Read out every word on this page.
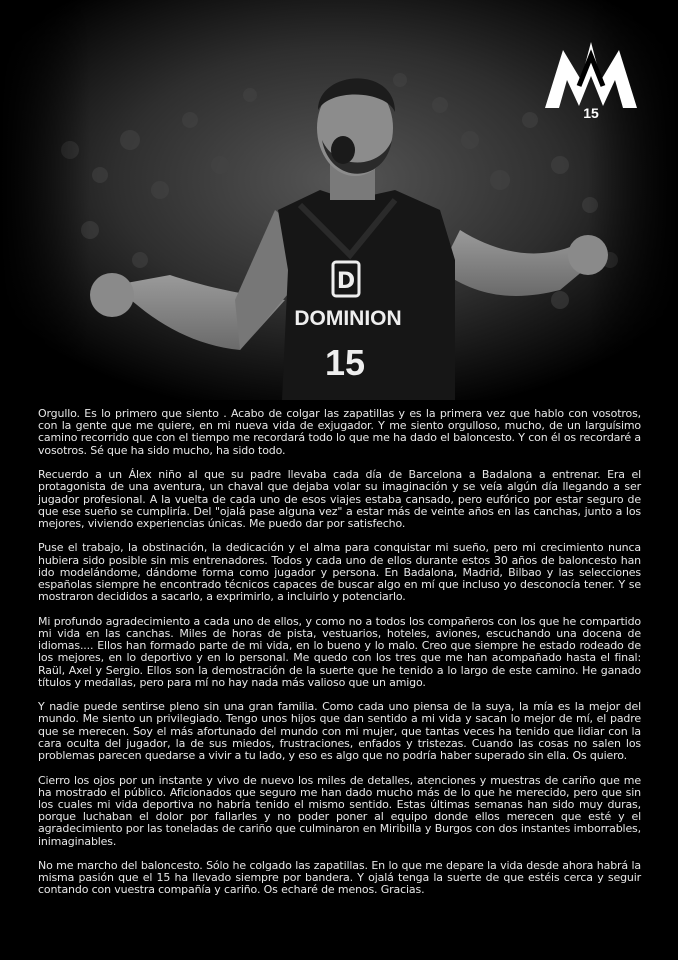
D
DOMINION
15
15

Orgullo. Es lo primero que siento . Acabo de colgar las zapatillas y es la primera vez que hablo con vosotros, con la gente que me quiere, en mi nueva vida de exjugador. Y me siento orgulloso, mucho, de un larguísimo camino recorrido que con el tiempo me recordará todo lo que me ha dado el baloncesto. Y con él os recordaré a vosotros. Sé que ha sido mucho, ha sido todo.

Recuerdo a un Álex niño al que su padre llevaba cada día de Barcelona a Badalona a entrenar. Era el protagonista de una aventura, un chaval que dejaba volar su imaginación y se veía algún día llegando a ser jugador profesional. A la vuelta de cada uno de esos viajes estaba cansado, pero eufórico por estar seguro de que ese sueño se cumpliría. Del "ojalá pase alguna vez" a estar más de veinte años en las canchas, junto a los mejores, viviendo experiencias únicas. Me puedo dar por satisfecho.

Puse el trabajo, la obstinación, la dedicación y el alma para conquistar mi sueño, pero mi crecimiento nunca hubiera sido posible sin mis entrenadores. Todos y cada uno de ellos durante estos 30 años de baloncesto han ido modelándome, dándome forma como jugador y persona. En Badalona, Madrid, Bilbao y las selecciones españolas siempre he encontrado técnicos capaces de buscar algo en mí que incluso yo desconocía tener. Y se mostraron decididos a sacarlo, a exprimirlo, a incluirlo y potenciarlo.

Mi profundo agradecimiento a cada uno de ellos, y como no a todos los compañeros con los que he compartido mi vida en las canchas. Miles de horas de pista, vestuarios, hoteles, aviones, escuchando una docena de idiomas.... Ellos han formado parte de mi vida, en lo bueno y lo malo. Creo que siempre he estado rodeado de los mejores, en lo deportivo y en lo personal. Me quedo con los tres que me han acompañado hasta el final: Raül, Axel y Sergio. Ellos son la demostración de la suerte que he tenido a lo largo de este camino. He ganado títulos y medallas, pero para mí no hay nada más valioso que un amigo.

Y nadie puede sentirse pleno sin una gran familia. Como cada uno piensa de la suya, la mía es la mejor del mundo. Me siento un privilegiado. Tengo unos hijos que dan sentido a mi vida y sacan lo mejor de mí, el padre que se merecen. Soy el más afortunado del mundo con mi mujer, que tantas veces ha tenido que lidiar con la cara oculta del jugador, la de sus miedos, frustraciones, enfados y tristezas. Cuando las cosas no salen los problemas parecen quedarse a vivir a tu lado, y eso es algo que no podría haber superado sin ella. Os quiero.

Cierro los ojos por un instante y vivo de nuevo los miles de detalles, atenciones y muestras de cariño que me ha mostrado el público. Aficionados que seguro me han dado mucho más de lo que he merecido, pero que sin los cuales mi vida deportiva no habría tenido el mismo sentido. Estas últimas semanas han sido muy duras, porque luchaban el dolor por fallarles y no poder poner al equipo donde ellos merecen que esté y el agradecimiento por las toneladas de cariño que culminaron en Miribilla y Burgos con dos instantes imborrables, inimaginables.

No me marcho del baloncesto. Sólo he colgado las zapatillas. En lo que me depare la vida desde ahora habrá la misma pasión que el 15 ha llevado siempre por bandera. Y ojalá tenga la suerte de que estéis cerca y seguir contando con vuestra compañía y cariño. Os echaré de menos. Gracias.
